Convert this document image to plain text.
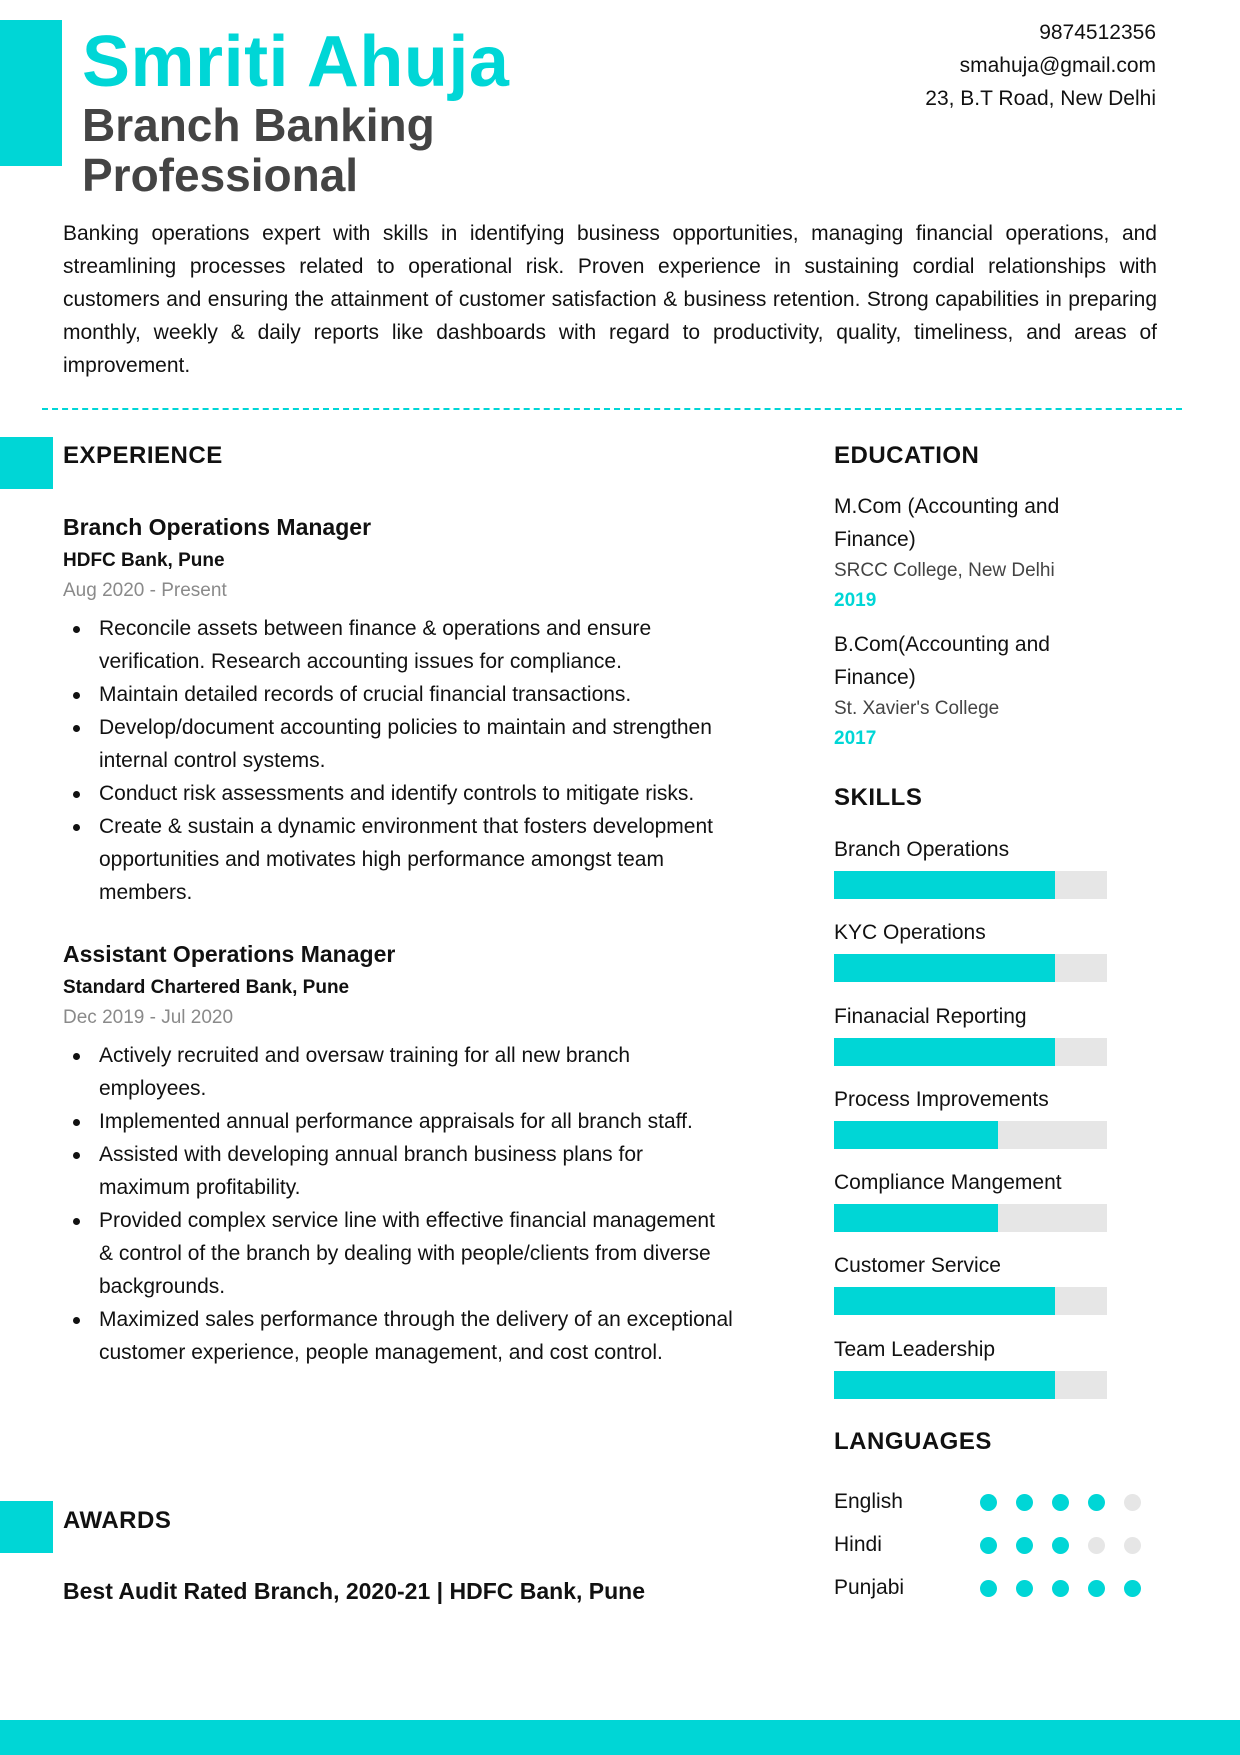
Smriti Ahuja
Branch Banking Professional
9874512356
smahuja@gmail.com
23, B.T Road, New Delhi

Banking operations expert with skills in identifying business opportunities, managing financial operations, and streamlining processes related to operational risk. Proven experience in sustaining cordial relationships with customers and ensuring the attainment of customer satisfaction & business retention. Strong capabilities in preparing monthly, weekly & daily reports like dashboards with regard to productivity, quality, timeliness, and areas of improvement.

EXPERIENCE
Branch Operations Manager
HDFC Bank, Pune
Aug 2020 - Present
Reconcile assets between finance & operations and ensure verification. Research accounting issues for compliance.
Maintain detailed records of crucial financial transactions.
Develop/document accounting policies to maintain and strengthen internal control systems.
Conduct risk assessments and identify controls to mitigate risks.
Create & sustain a dynamic environment that fosters development opportunities and motivates high performance amongst team members.
Assistant Operations Manager
Standard Chartered Bank, Pune
Dec 2019 - Jul 2020
Actively recruited and oversaw training for all new branch employees.
Implemented annual performance appraisals for all branch staff.
Assisted with developing annual branch business plans for maximum profitability.
Provided complex service line with effective financial management & control of the branch by dealing with people/clients from diverse backgrounds.
Maximized sales performance through the delivery of an exceptional customer experience, people management, and cost control.
AWARDS
Best Audit Rated Branch, 2020-21 | HDFC Bank, Pune
EDUCATION
M.Com (Accounting and Finance)
SRCC College, New Delhi
2019
B.Com(Accounting and Finance)
St. Xavier's College
2017
SKILLS
Branch Operations
KYC Operations
Finanacial Reporting
Process Improvements
Compliance Mangement
Customer Service
Team Leadership
LANGUAGES
English
Hindi
Punjabi
